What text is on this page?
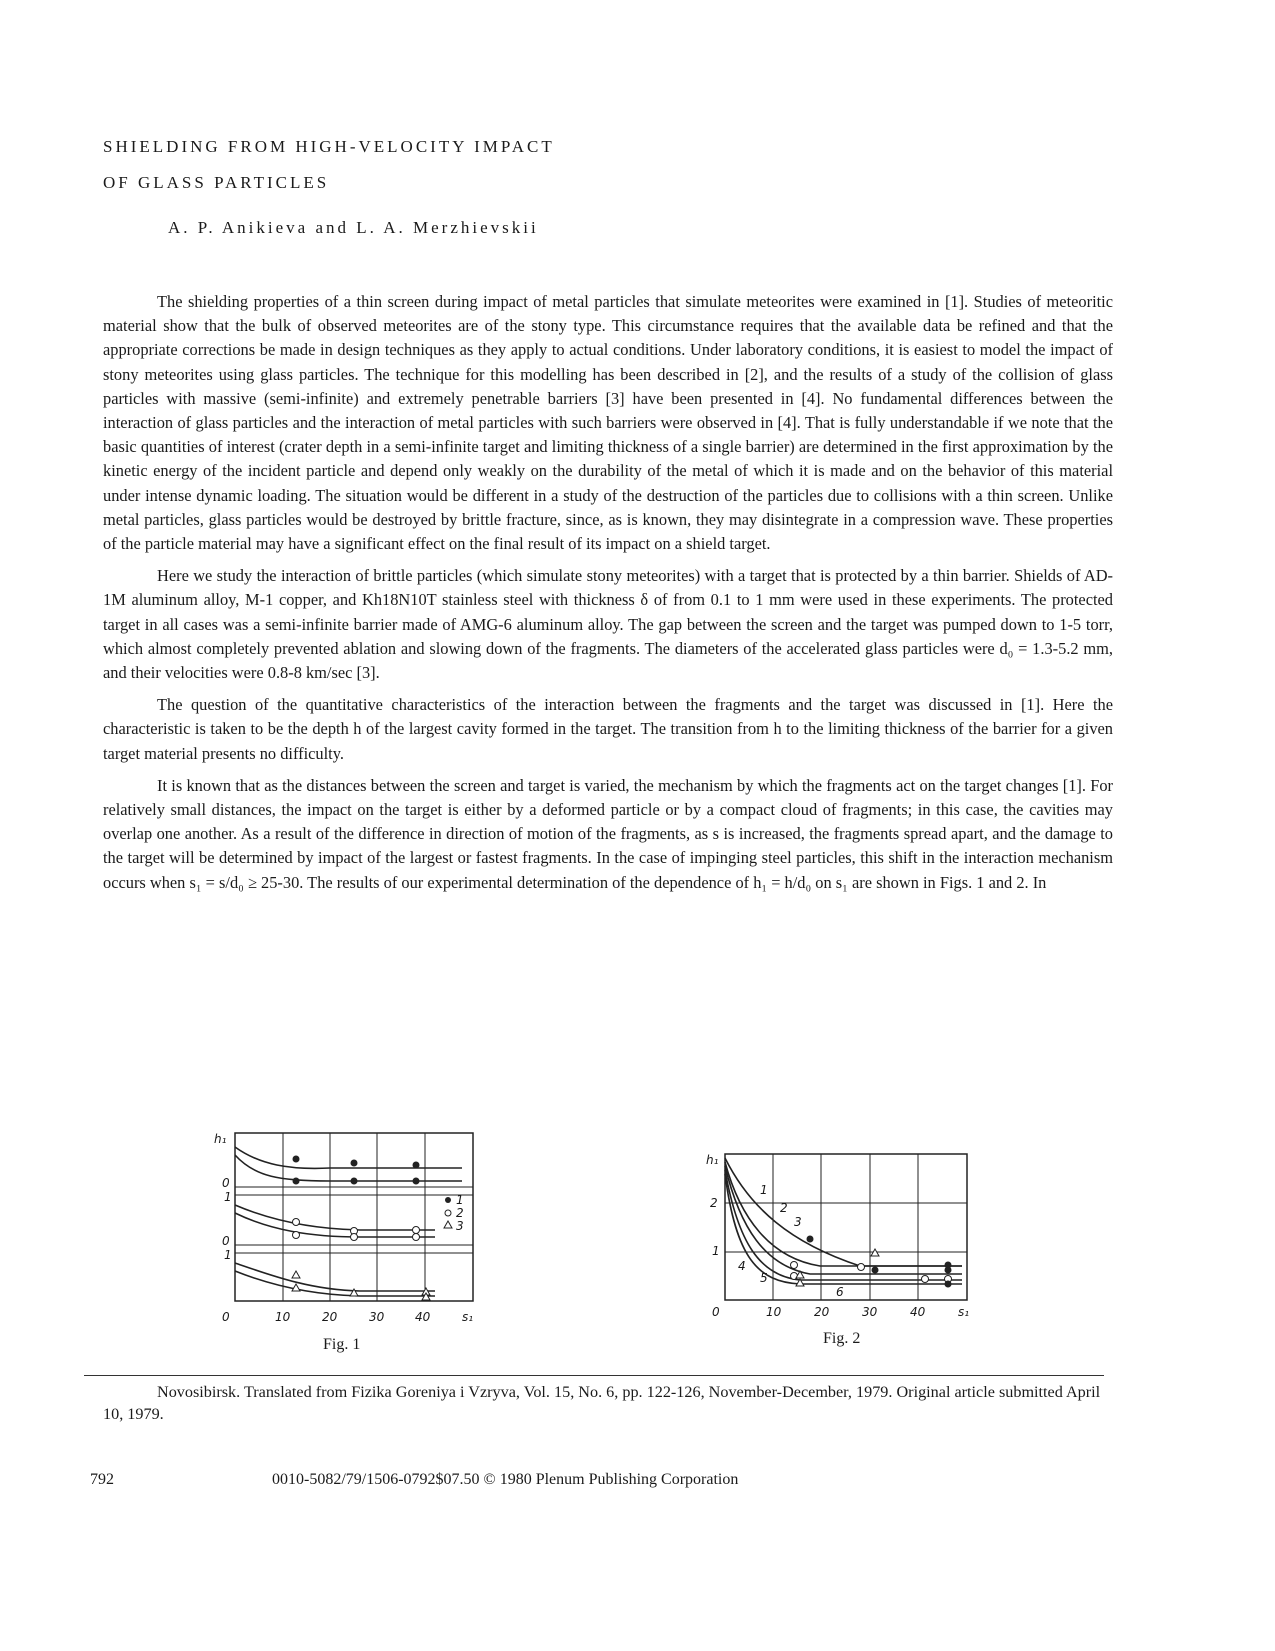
SHIELDING FROM HIGH-VELOCITY IMPACT
OF GLASS PARTICLES
A. P. Anikieva and L. A. Merzhievskii

The shielding properties of a thin screen during impact of metal particles that simulate meteorites were examined in [1]. Studies of meteoritic material show that the bulk of observed meteorites are of the stony type. This circumstance requires that the available data be refined and that the appropriate corrections be made in design techniques as they apply to actual conditions. Under laboratory conditions, it is easiest to model the impact of stony meteorites using glass particles. The technique for this modelling has been described in [2], and the results of a study of the collision of glass particles with massive (semi-infinite) and extremely penetrable barriers [3] have been presented in [4]. No fundamental differences between the interaction of glass particles and the interaction of metal particles with such barriers were observed in [4]. That is fully understandable if we note that the basic quantities of interest (crater depth in a semi-infinite target and limiting thickness of a single barrier) are determined in the first approximation by the kinetic energy of the incident particle and depend only weakly on the durability of the metal of which it is made and on the behavior of this material under intense dynamic loading. The situation would be different in a study of the destruction of the particles due to collisions with a thin screen. Unlike metal particles, glass particles would be destroyed by brittle fracture, since, as is known, they may disintegrate in a compression wave. These properties of the particle material may have a significant effect on the final result of its impact on a shield target.

Here we study the interaction of brittle particles (which simulate stony meteorites) with a target that is protected by a thin barrier. Shields of AD-1M aluminum alloy, M-1 copper, and Kh18N10T stainless steel with thickness δ of from 0.1 to 1 mm were used in these experiments. The protected target in all cases was a semi-infinite barrier made of AMG-6 aluminum alloy. The gap between the screen and the target was pumped down to 1-5 torr, which almost completely prevented ablation and slowing down of the fragments. The diameters of the accelerated glass particles were d₀ = 1.3-5.2 mm, and their velocities were 0.8-8 km/sec [3].

The question of the quantitative characteristics of the interaction between the fragments and the target was discussed in [1]. Here the characteristic is taken to be the depth h of the largest cavity formed in the target. The transition from h to the limiting thickness of the barrier for a given target material presents no difficulty.

It is known that as the distances between the screen and target is varied, the mechanism by which the fragments act on the target changes [1]. For relatively small distances, the impact on the target is either by a deformed particle or by a compact cloud of fragments; in this case, the cavities may overlap one another. As a result of the difference in direction of motion of the fragments, as s is increased, the fragments spread apart, and the damage to the target will be determined by impact of the largest or fastest fragments. In the case of impinging steel particles, this shift in the interaction mechanism occurs when s₁ = s/d₀ ≥ 25-30. The results of our experimental determination of the dependence of h₁ = h/d₀ on s₁ are shown in Figs. 1 and 2. In

h₁
0
1
0
1
1
2
3
0	10	20	30	40	s₁
Fig. 1
h₁
2
1
1
2
3
4
5
6
0	10	20	30	40	s₁
Fig. 2

Novosibirsk. Translated from Fizika Goreniya i Vzryva, Vol. 15, No. 6, pp. 122-126, November-December, 1979. Original article submitted April 10, 1979.

792	0010-5082/79/1506-0792$07.50 © 1980 Plenum Publishing Corporation
